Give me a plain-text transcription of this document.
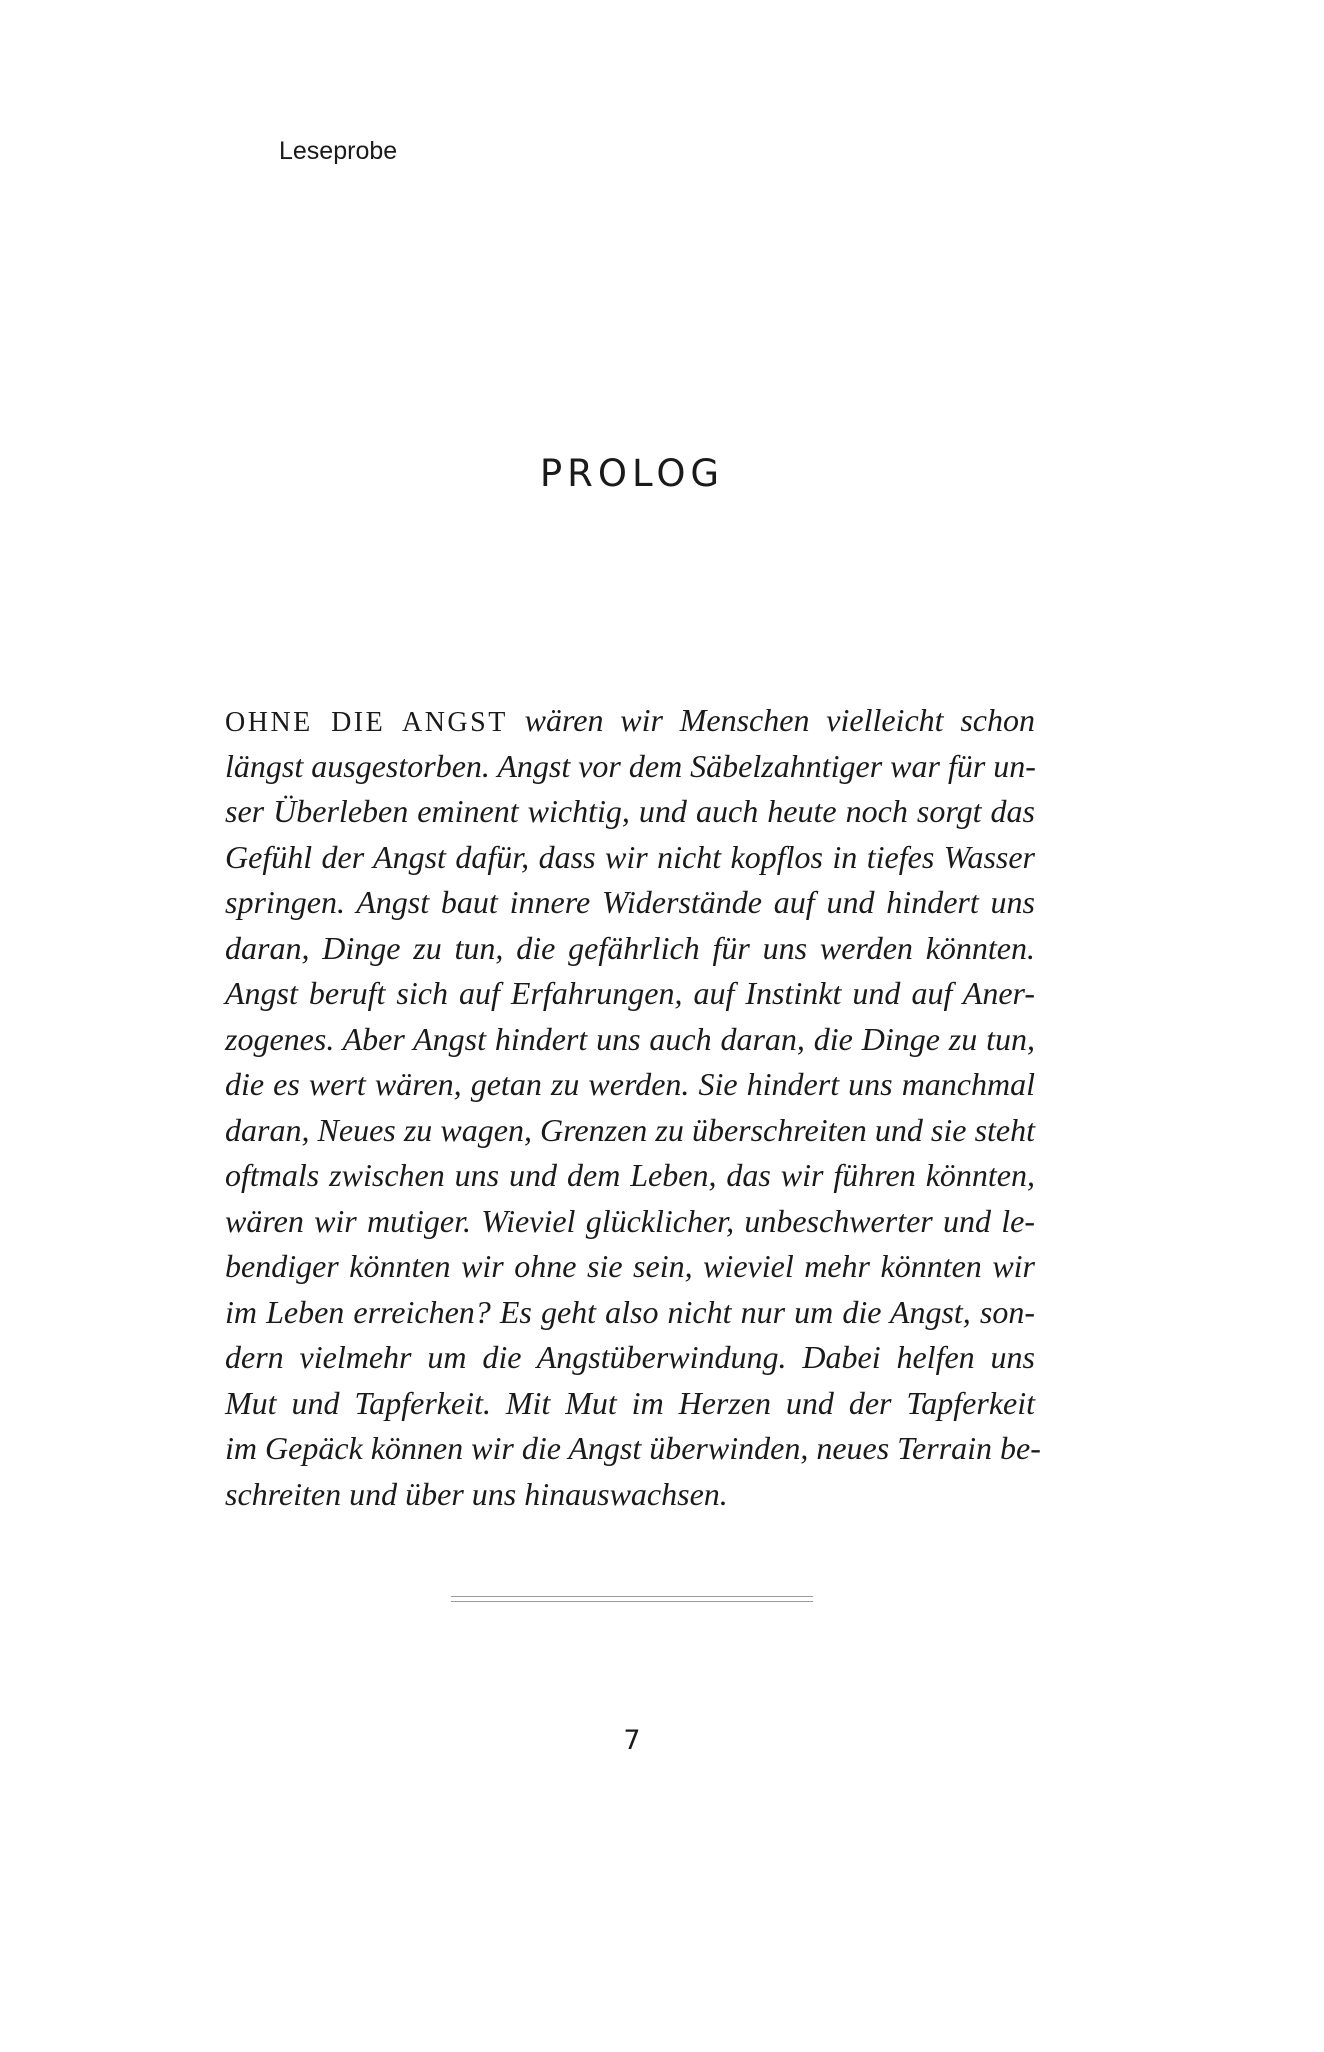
Leseprobe

PROLOG
OHNE DIE ANGST wären wir Menschen vielleicht schon
längst ausgestorben. Angst vor dem Säbelzahntiger war für un-
ser Überleben eminent wichtig, und auch heute noch sorgt das
Gefühl der Angst dafür, dass wir nicht kopflos in tiefes Wasser
springen. Angst baut innere Widerstände auf und hindert uns
daran, Dinge zu tun, die gefährlich für uns werden könnten.
Angst beruft sich auf Erfahrungen, auf Instinkt und auf Aner-
zogenes. Aber Angst hindert uns auch daran, die Dinge zu tun,
die es wert wären, getan zu werden. Sie hindert uns manchmal
daran, Neues zu wagen, Grenzen zu überschreiten und sie steht
oftmals zwischen uns und dem Leben, das wir führen könnten,
wären wir mutiger. Wieviel glücklicher, unbeschwerter und le-
bendiger könnten wir ohne sie sein, wieviel mehr könnten wir
im Leben erreichen? Es geht also nicht nur um die Angst, son-
dern vielmehr um die Angstüberwindung. Dabei helfen uns
Mut und Tapferkeit. Mit Mut im Herzen und der Tapferkeit
im Gepäck können wir die Angst überwinden, neues Terrain be-
schreiten und über uns hinauswachsen.

7
